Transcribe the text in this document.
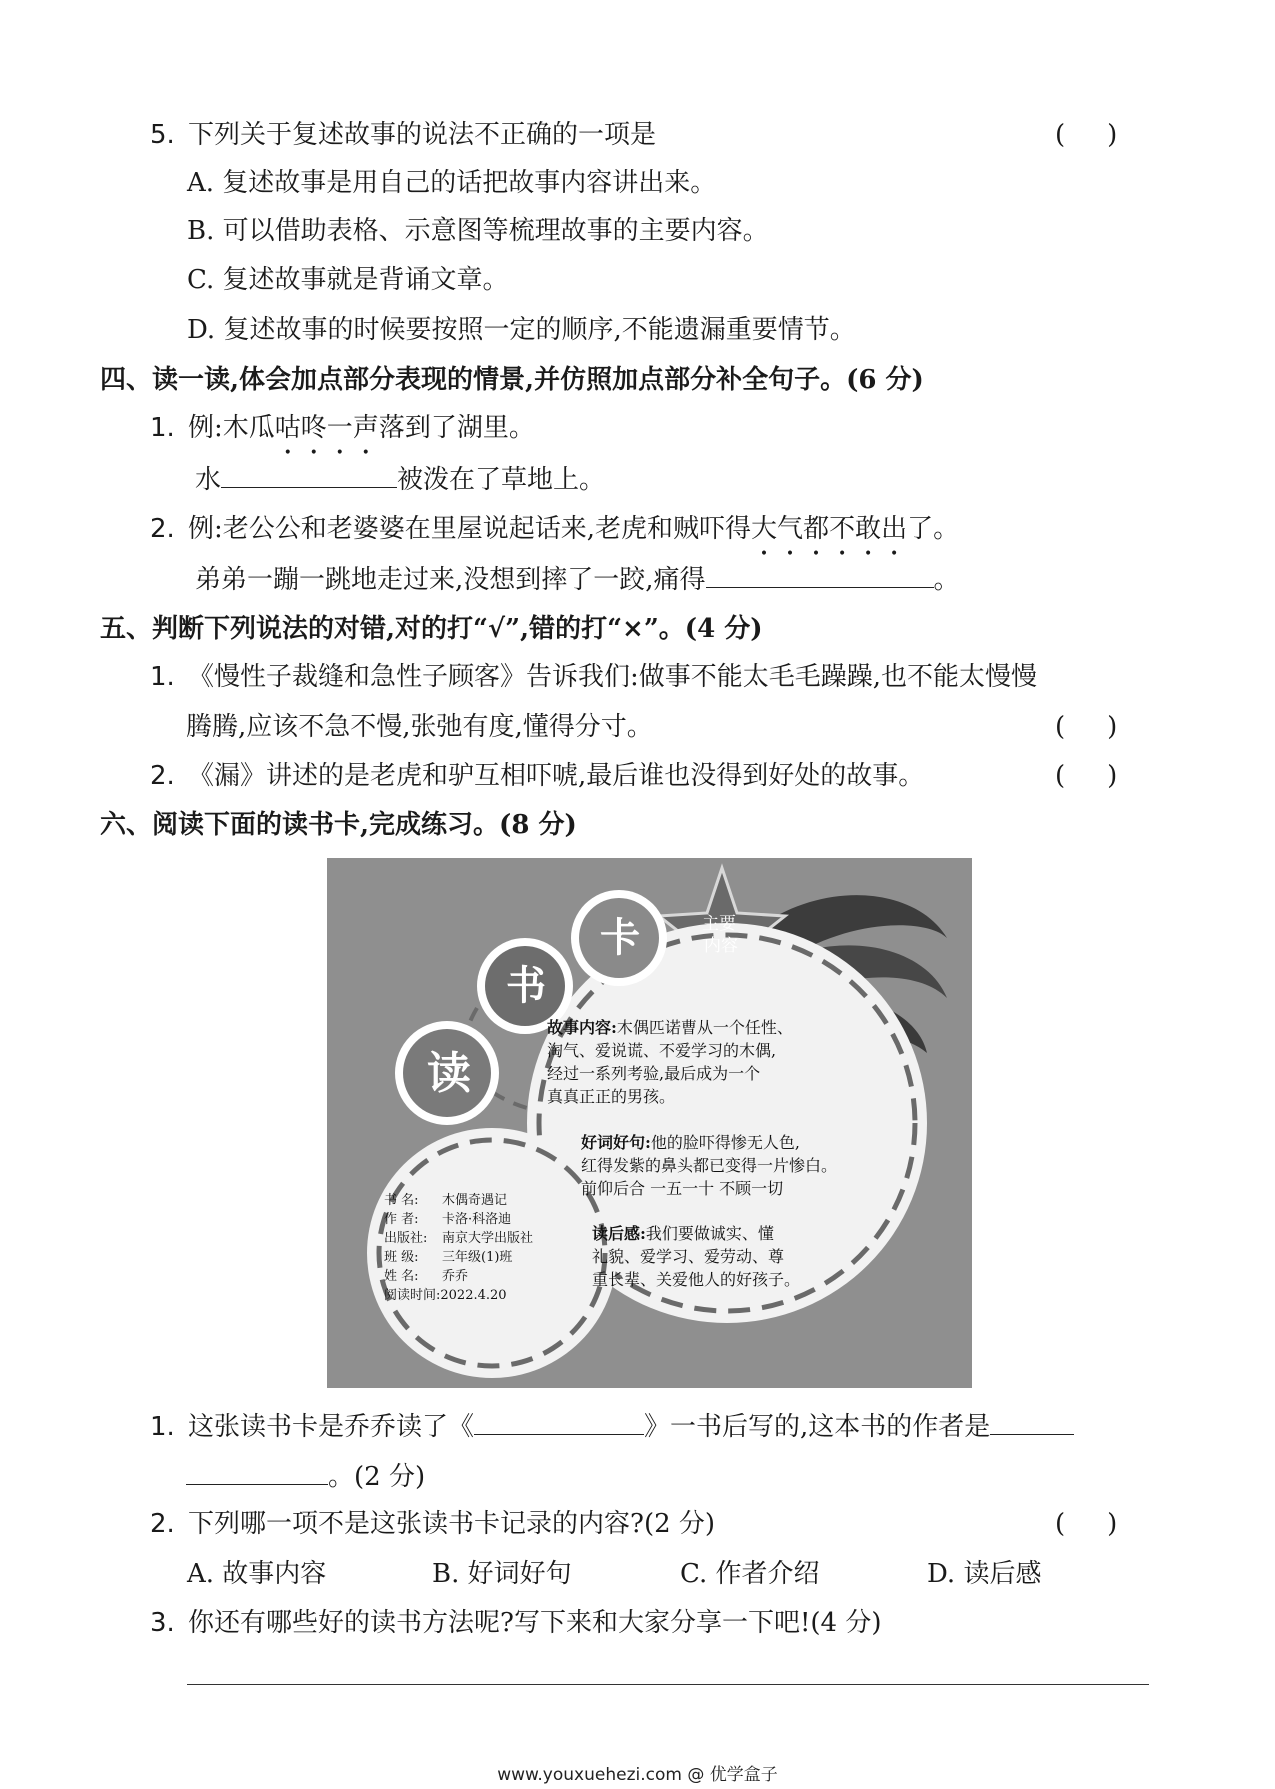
5. 下列关于复述故事的说法不正确的一项是	()
A. 复述故事是用自己的话把故事内容讲出来。
B. 可以借助表格、示意图等梳理故事的主要内容。
C. 复述故事就是背诵文章。
D. 复述故事的时候要按照一定的顺序,不能遗漏重要情节。
四、读一读,体会加点部分表现的情景,并仿照加点部分补全句子。(6 分)
1. 例:木瓜咕咚一声落到了湖里。
水	被泼在了草地上。
2. 例:老公公和老婆婆在里屋说起话来,老虎和贼吓得大气都不敢出了。
弟弟一蹦一跳地走过来,没想到摔了一跤,痛得	。
五、判断下列说法的对错,对的打“√”,错的打“×”。(4 分)
1. 《慢性子裁缝和急性子顾客》告诉我们:做事不能太毛毛躁躁,也不能太慢慢
腾腾,应该不急不慢,张弛有度,懂得分寸。	()
2. 《漏》讲述的是老虎和驴互相吓唬,最后谁也没得到好处的故事。	()
六、阅读下面的读书卡,完成练习。(8 分)
读
书
卡	主要
内容
故事内容:木偶匹诺曹从一个任性、
淘气、爱说谎、不爱学习的木偶,
经过一系列考验,最后成为一个
真真正正的男孩。
好词好句:他的脸吓得惨无人色,
红得发紫的鼻头都已变得一片惨白。
前仰后合 一五一十 不顾一切
读后感:我们要做诚实、懂
礼貌、爱学习、爱劳动、尊
重长辈、关爱他人的好孩子。
书 名: 木偶奇遇记
作 者: 卡洛·科洛迪
出版社: 南京大学出版社
班 级: 三年级(1)班
姓 名: 乔乔
阅读时间:2022.4.20
1. 这张读书卡是乔乔读了《	》一书后写的,这本书的作者是
。(2 分)
2. 下列哪一项不是这张读书卡记录的内容?(2 分)	()
A. 故事内容	B. 好词好句	C. 作者介绍	D. 读后感
3. 你还有哪些好的读书方法呢?写下来和大家分享一下吧!(4 分)
www.youxuehezi.com @ 优学盒子
